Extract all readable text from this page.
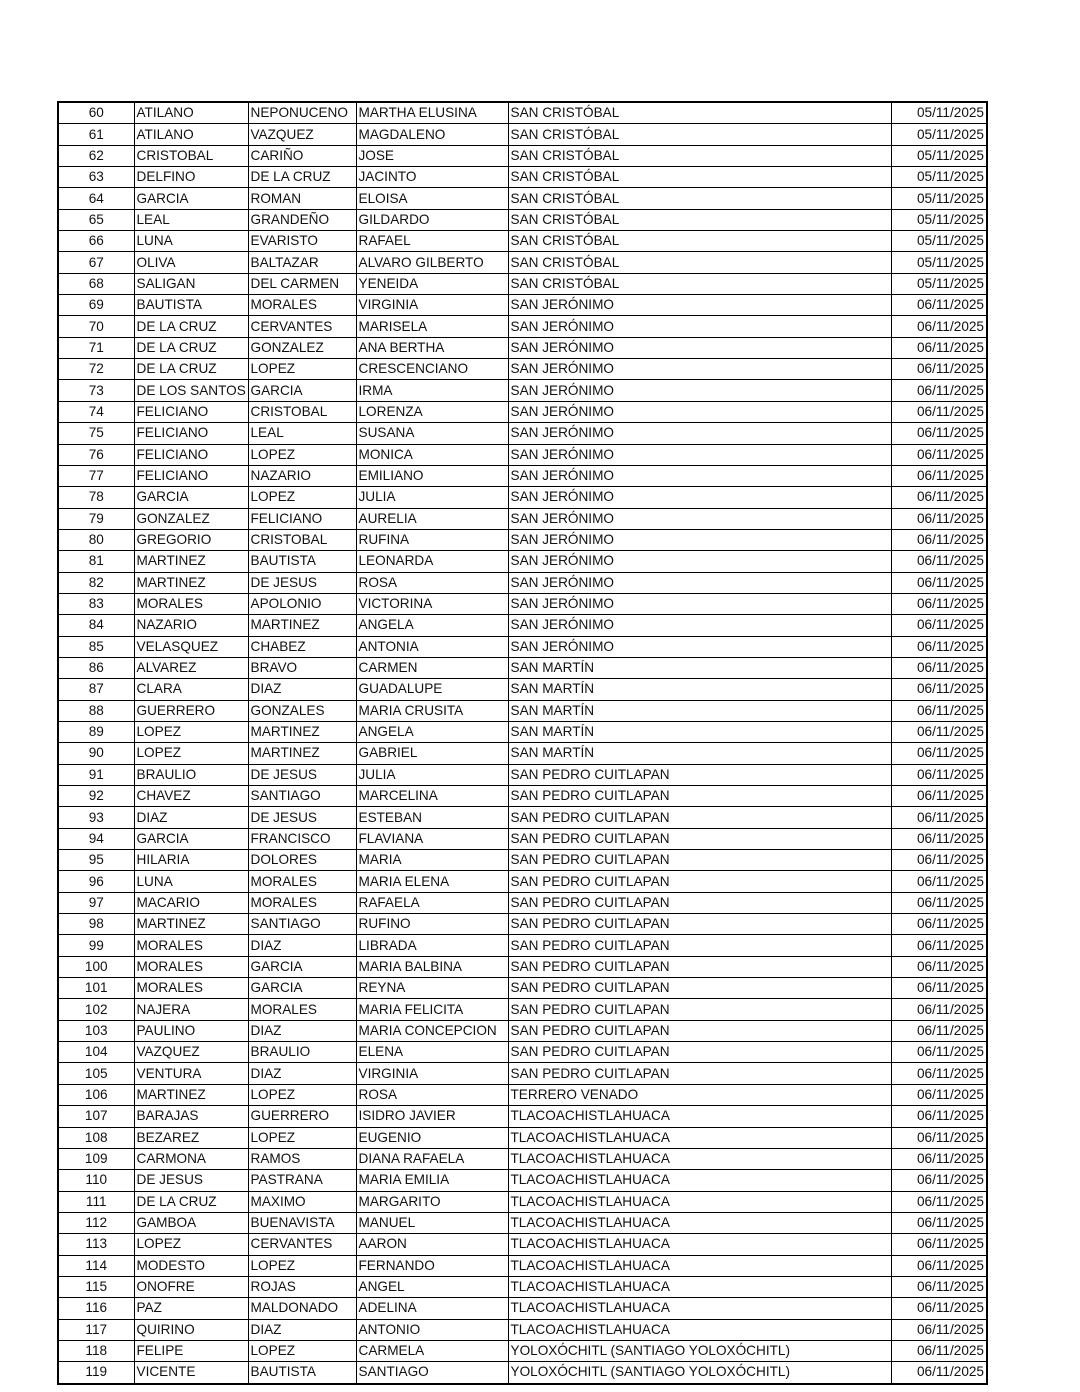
60	ATILANO	NEPONUCENO	MARTHA ELUSINA	SAN CRISTÓBAL	05/11/2025
61	ATILANO	VAZQUEZ	MAGDALENO	SAN CRISTÓBAL	05/11/2025
62	CRISTOBAL	CARIÑO	JOSE	SAN CRISTÓBAL	05/11/2025
63	DELFINO	DE LA CRUZ	JACINTO	SAN CRISTÓBAL	05/11/2025
64	GARCIA	ROMAN	ELOISA	SAN CRISTÓBAL	05/11/2025
65	LEAL	GRANDEÑO	GILDARDO	SAN CRISTÓBAL	05/11/2025
66	LUNA	EVARISTO	RAFAEL	SAN CRISTÓBAL	05/11/2025
67	OLIVA	BALTAZAR	ALVARO GILBERTO	SAN CRISTÓBAL	05/11/2025
68	SALIGAN	DEL CARMEN	YENEIDA	SAN CRISTÓBAL	05/11/2025
69	BAUTISTA	MORALES	VIRGINIA	SAN JERÓNIMO	06/11/2025
70	DE LA CRUZ	CERVANTES	MARISELA	SAN JERÓNIMO	06/11/2025
71	DE LA CRUZ	GONZALEZ	ANA BERTHA	SAN JERÓNIMO	06/11/2025
72	DE LA CRUZ	LOPEZ	CRESCENCIANO	SAN JERÓNIMO	06/11/2025
73	DE LOS SANTOS	GARCIA	IRMA	SAN JERÓNIMO	06/11/2025
74	FELICIANO	CRISTOBAL	LORENZA	SAN JERÓNIMO	06/11/2025
75	FELICIANO	LEAL	SUSANA	SAN JERÓNIMO	06/11/2025
76	FELICIANO	LOPEZ	MONICA	SAN JERÓNIMO	06/11/2025
77	FELICIANO	NAZARIO	EMILIANO	SAN JERÓNIMO	06/11/2025
78	GARCIA	LOPEZ	JULIA	SAN JERÓNIMO	06/11/2025
79	GONZALEZ	FELICIANO	AURELIA	SAN JERÓNIMO	06/11/2025
80	GREGORIO	CRISTOBAL	RUFINA	SAN JERÓNIMO	06/11/2025
81	MARTINEZ	BAUTISTA	LEONARDA	SAN JERÓNIMO	06/11/2025
82	MARTINEZ	DE JESUS	ROSA	SAN JERÓNIMO	06/11/2025
83	MORALES	APOLONIO	VICTORINA	SAN JERÓNIMO	06/11/2025
84	NAZARIO	MARTINEZ	ANGELA	SAN JERÓNIMO	06/11/2025
85	VELASQUEZ	CHABEZ	ANTONIA	SAN JERÓNIMO	06/11/2025
86	ALVAREZ	BRAVO	CARMEN	SAN MARTÍN	06/11/2025
87	CLARA	DIAZ	GUADALUPE	SAN MARTÍN	06/11/2025
88	GUERRERO	GONZALES	MARIA CRUSITA	SAN MARTÍN	06/11/2025
89	LOPEZ	MARTINEZ	ANGELA	SAN MARTÍN	06/11/2025
90	LOPEZ	MARTINEZ	GABRIEL	SAN MARTÍN	06/11/2025
91	BRAULIO	DE JESUS	JULIA	SAN PEDRO CUITLAPAN	06/11/2025
92	CHAVEZ	SANTIAGO	MARCELINA	SAN PEDRO CUITLAPAN	06/11/2025
93	DIAZ	DE JESUS	ESTEBAN	SAN PEDRO CUITLAPAN	06/11/2025
94	GARCIA	FRANCISCO	FLAVIANA	SAN PEDRO CUITLAPAN	06/11/2025
95	HILARIA	DOLORES	MARIA	SAN PEDRO CUITLAPAN	06/11/2025
96	LUNA	MORALES	MARIA ELENA	SAN PEDRO CUITLAPAN	06/11/2025
97	MACARIO	MORALES	RAFAELA	SAN PEDRO CUITLAPAN	06/11/2025
98	MARTINEZ	SANTIAGO	RUFINO	SAN PEDRO CUITLAPAN	06/11/2025
99	MORALES	DIAZ	LIBRADA	SAN PEDRO CUITLAPAN	06/11/2025
100	MORALES	GARCIA	MARIA BALBINA	SAN PEDRO CUITLAPAN	06/11/2025
101	MORALES	GARCIA	REYNA	SAN PEDRO CUITLAPAN	06/11/2025
102	NAJERA	MORALES	MARIA FELICITA	SAN PEDRO CUITLAPAN	06/11/2025
103	PAULINO	DIAZ	MARIA CONCEPCION	SAN PEDRO CUITLAPAN	06/11/2025
104	VAZQUEZ	BRAULIO	ELENA	SAN PEDRO CUITLAPAN	06/11/2025
105	VENTURA	DIAZ	VIRGINIA	SAN PEDRO CUITLAPAN	06/11/2025
106	MARTINEZ	LOPEZ	ROSA	TERRERO VENADO	06/11/2025
107	BARAJAS	GUERRERO	ISIDRO JAVIER	TLACOACHISTLAHUACA	06/11/2025
108	BEZAREZ	LOPEZ	EUGENIO	TLACOACHISTLAHUACA	06/11/2025
109	CARMONA	RAMOS	DIANA RAFAELA	TLACOACHISTLAHUACA	06/11/2025
110	DE JESUS	PASTRANA	MARIA EMILIA	TLACOACHISTLAHUACA	06/11/2025
111	DE LA CRUZ	MAXIMO	MARGARITO	TLACOACHISTLAHUACA	06/11/2025
112	GAMBOA	BUENAVISTA	MANUEL	TLACOACHISTLAHUACA	06/11/2025
113	LOPEZ	CERVANTES	AARON	TLACOACHISTLAHUACA	06/11/2025
114	MODESTO	LOPEZ	FERNANDO	TLACOACHISTLAHUACA	06/11/2025
115	ONOFRE	ROJAS	ANGEL	TLACOACHISTLAHUACA	06/11/2025
116	PAZ	MALDONADO	ADELINA	TLACOACHISTLAHUACA	06/11/2025
117	QUIRINO	DIAZ	ANTONIO	TLACOACHISTLAHUACA	06/11/2025
118	FELIPE	LOPEZ	CARMELA	YOLOXÓCHITL (SANTIAGO YOLOXÓCHITL)	06/11/2025
119	VICENTE	BAUTISTA	SANTIAGO	YOLOXÓCHITL (SANTIAGO YOLOXÓCHITL)	06/11/2025
